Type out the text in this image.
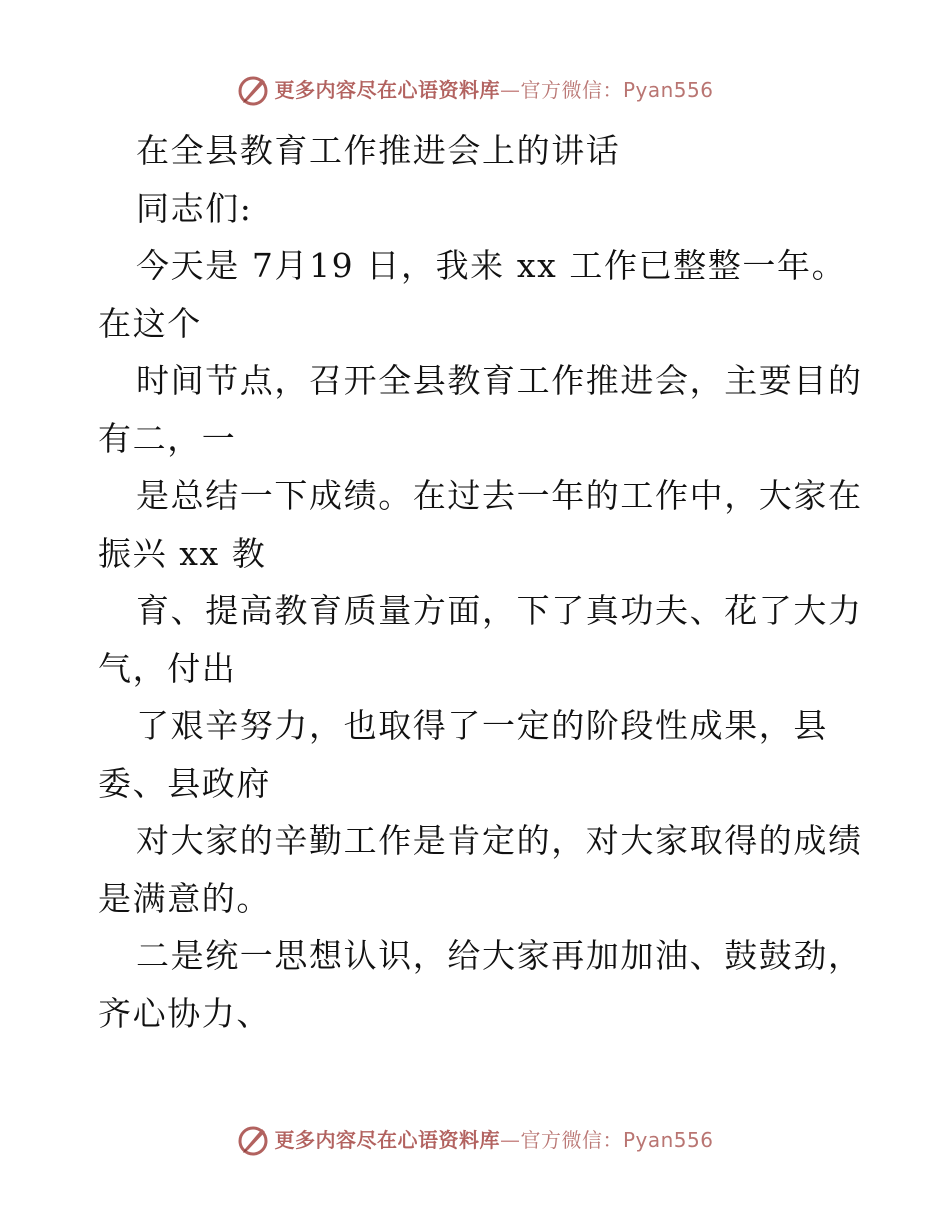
更多内容尽在心语资料库—官方微信：Pyan556

在全县教育工作推进会上的讲话

同志们:

今天是 7月19 日，我来 xx 工作已整整一年。

在这个

时间节点，召开全县教育工作推进会，主要目的

有二，一

是总结一下成绩。在过去一年的工作中，大家在

振兴 xx 教

育、提高教育质量方面，下了真功夫、花了大力

气，付出

了艰辛努力，也取得了一定的阶段性成果，县

委、县政府

对大家的辛勤工作是肯定的，对大家取得的成绩

是满意的。

二是统一思想认识，给大家再加加油、鼓鼓劲，

齐心协力、

更多内容尽在心语资料库—官方微信：Pyan556
